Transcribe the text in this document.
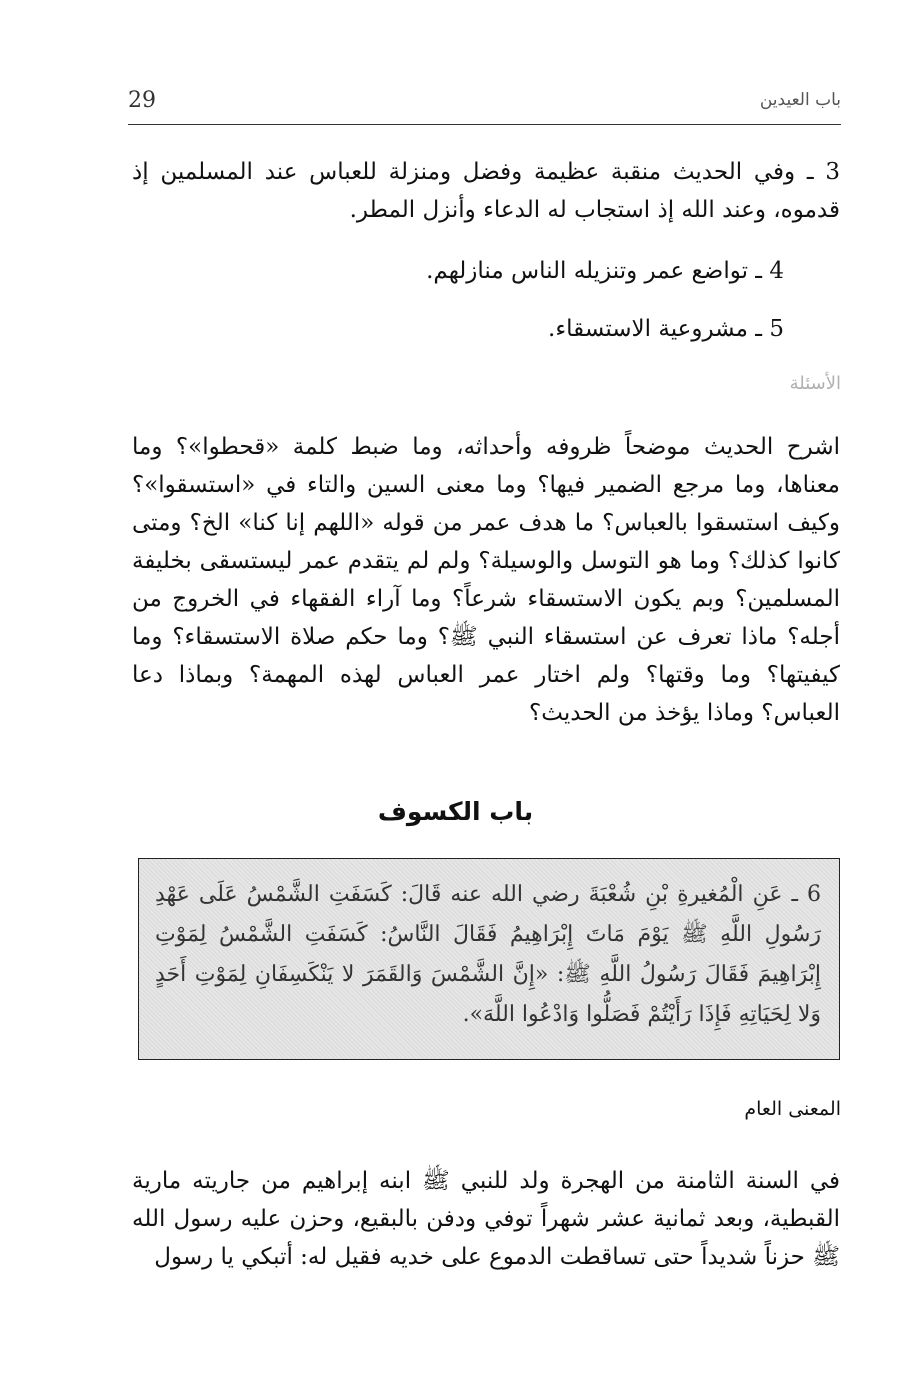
29	باب العيدين
3 ـ وفي الحديث منقبة عظيمة وفضل ومنزلة للعباس عند المسلمين إذ قدموه، وعند الله إذ استجاب له الدعاء وأنزل المطر.
4 ـ تواضع عمر وتنزيله الناس منازلهم.
5 ـ مشروعية الاستسقاء.
الأسئلة
اشرح الحديث موضحاً ظروفه وأحداثه، وما ضبط كلمة «قحطوا»؟ وما معناها، وما مرجع الضمير فيها؟ وما معنى السين والتاء في «استسقوا»؟ وكيف استسقوا بالعباس؟ ما هدف عمر من قوله «اللهم إنا كنا» الخ؟ ومتى كانوا كذلك؟ وما هو التوسل والوسيلة؟ ولم لم يتقدم عمر ليستسقى بخليفة المسلمين؟ وبم يكون الاستسقاء شرعاً؟ وما آراء الفقهاء في الخروج من أجله؟ ماذا تعرف عن استسقاء النبي ﷺ؟ وما حكم صلاة الاستسقاء؟ وما كيفيتها؟ وما وقتها؟ ولم اختار عمر العباس لهذه المهمة؟ وبماذا دعا العباس؟ وماذا يؤخذ من الحديث؟
باب الكسوف
6 ـ عَنِ الْمُغيرةِ بْنِ شُعْبَةَ رضي الله عنه قَالَ: كَسَفَتِ الشَّمْسُ عَلَى عَهْدِ رَسُولِ اللَّهِ ﷺ يَوْمَ مَاتَ إِبْرَاهِيمُ فَقَالَ النَّاسُ: كَسَفَتِ الشَّمْسُ لِمَوْتِ إِبْرَاهِيمَ فَقَالَ رَسُولُ اللَّهِ ﷺ: «إِنَّ الشَّمْسَ وَالقَمَرَ لا يَنْكَسِفَانِ لِمَوْتِ أَحَدٍ وَلا لِحَيَاتِهِ فَإِذَا رَأَيْتُمْ فَصَلُّوا وَادْعُوا اللَّهَ».
المعنى العام
في السنة الثامنة من الهجرة ولد للنبي ﷺ ابنه إبراهيم من جاريته مارية القبطية، وبعد ثمانية عشر شهراً توفي ودفن بالبقيع، وحزن عليه رسول الله ﷺ حزناً شديداً حتى تساقطت الدموع على خديه فقيل له: أتبكي يا رسول
